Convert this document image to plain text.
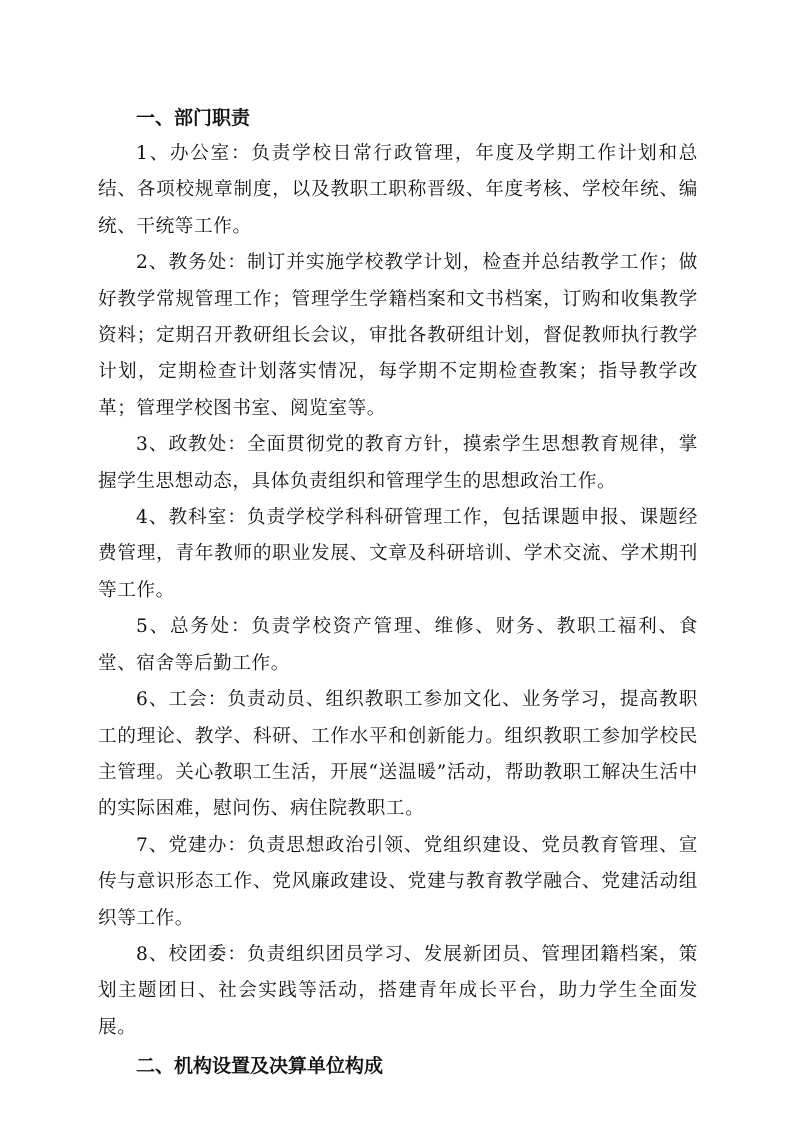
一、部门职责

1、办公室：负责学校日常行政管理，年度及学期工作计划和总结、各项校规章制度，以及教职工职称晋级、年度考核、学校年统、编统、干统等工作。

2、教务处：制订并实施学校教学计划，检查并总结教学工作；做好教学常规管理工作；管理学生学籍档案和文书档案，订购和收集教学资料；定期召开教研组长会议，审批各教研组计划，督促教师执行教学计划，定期检查计划落实情况，每学期不定期检查教案；指导教学改革；管理学校图书室、阅览室等。

3、政教处：全面贯彻党的教育方针，摸索学生思想教育规律，掌握学生思想动态，具体负责组织和管理学生的思想政治工作。

4、教科室：负责学校学科科研管理工作，包括课题申报、课题经费管理，青年教师的职业发展、文章及科研培训、学术交流、学术期刊等工作。

5、总务处：负责学校资产管理、维修、财务、教职工福利、食堂、宿舍等后勤工作。

6、工会：负责动员、组织教职工参加文化、业务学习，提高教职工的理论、教学、科研、工作水平和创新能力。组织教职工参加学校民主管理。关心教职工生活，开展“送温暖”活动，帮助教职工解决生活中的实际困难，慰问伤、病住院教职工。

7、党建办：负责思想政治引领、党组织建设、党员教育管理、宣传与意识形态工作、党风廉政建设、党建与教育教学融合、党建活动组织等工作。

8、校团委：负责组织团员学习、发展新团员、管理团籍档案，策划主题团日、社会实践等活动，搭建青年成长平台，助力学生全面发展。

二、机构设置及决算单位构成
